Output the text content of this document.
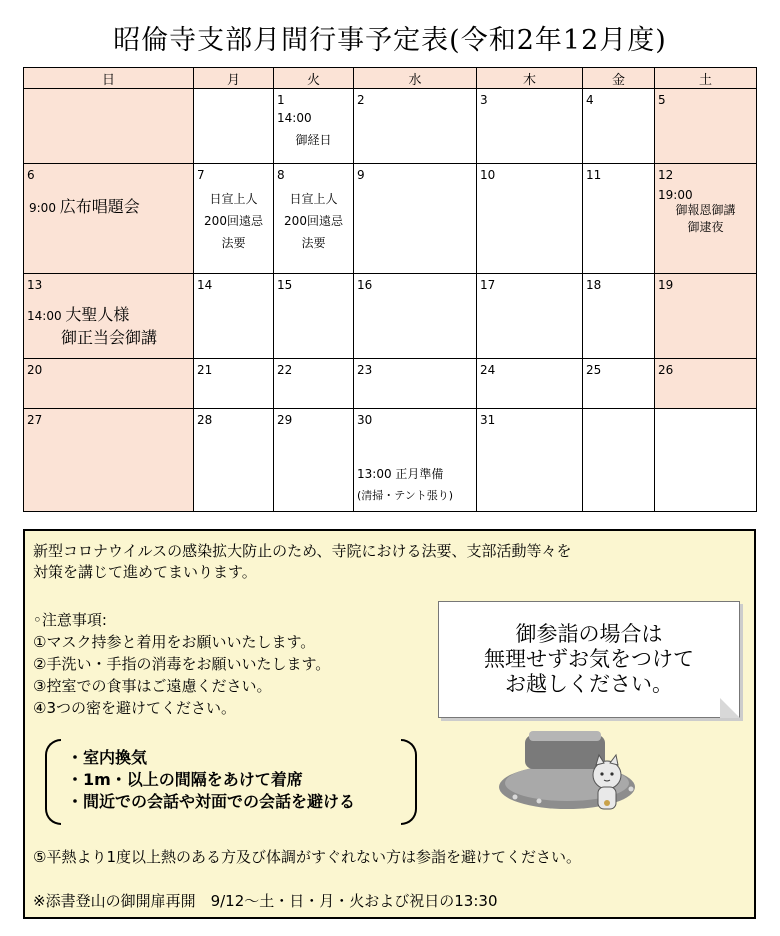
昭倫寺支部月間行事予定表(令和2年12月度)
日	月	火	水	木	金	土

		1
14:00
御経日	2	3	4	5

6
9:00 広布唱題会	7
日宣上人
200回遠忌
法要	8
日宣上人
200回遠忌
法要	9	10	11	12
19:00
御報恩御講
御逮夜

13
14:00 大聖人様
御正当会御講	14	15	16	17	18	19

20	21	22	23	24	25	26

27	28	29	30
13:00 正月準備
(清掃・テント張り)	31		

新型コロナウイルスの感染拡大防止のため、寺院における法要、支部活動等々を
対策を講じて進めてまいります。
◦注意事項:
①マスク持参と着用をお願いいたします。
②手洗い・手指の消毒をお願いいたします。
③控室での食事はご遠慮ください。
④3つの密を避けてください。
御参詣の場合は
無理せずお気をつけて
お越しください。
・室内換気
・1m・以上の間隔をあけて着席
・間近での会話や対面での会話を避ける
⑤平熱より1度以上熱のある方及び体調がすぐれない方は参詣を避けてください。
※添書登山の御開扉再開　9/12〜土・日・月・火および祝日の13:30
